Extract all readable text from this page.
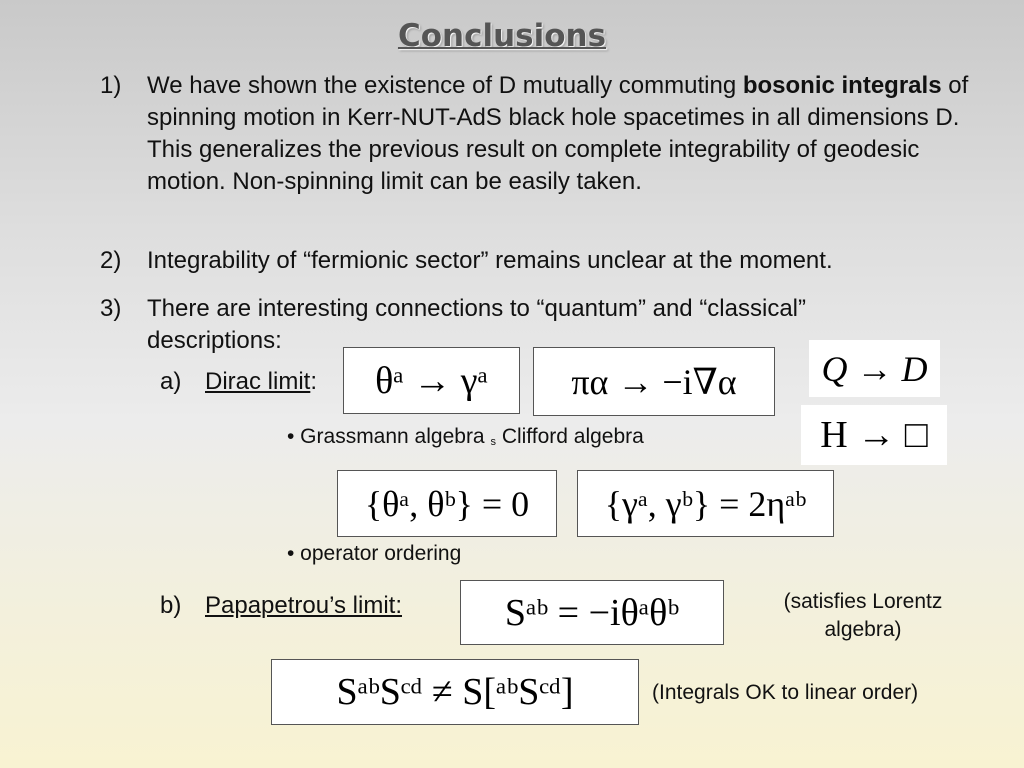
Conclusions
1)	We have shown the existence of D mutually commuting bosonic integrals of spinning motion in Kerr-NUT-AdS black hole spacetimes in all dimensions D. This generalizes the previous result on complete integrability of geodesic motion. Non-spinning limit can be easily taken.
2)	Integrability of “fermionic sector” remains unclear at the moment.
3)	There are interesting connections to “quantum” and “classical” descriptions:
a) Dirac limit: θᵃ → γᵃ πα → −i∇α Q → D
H → □
• Grassmann algebra s Clifford algebra
{θᵃ, θᵇ} = 0 {γᵃ, γᵇ} = 2ηᵃᵇ
• operator ordering
b) Papapetrou’s limit:	Sᵃᵇ = −iθᵃθᵇ	(satisfies Lorentz
algebra)
SᵃᵇSᶜᵈ ≠ S[ᵃᵇSᶜᵈ]	(Integrals OK to linear order)
